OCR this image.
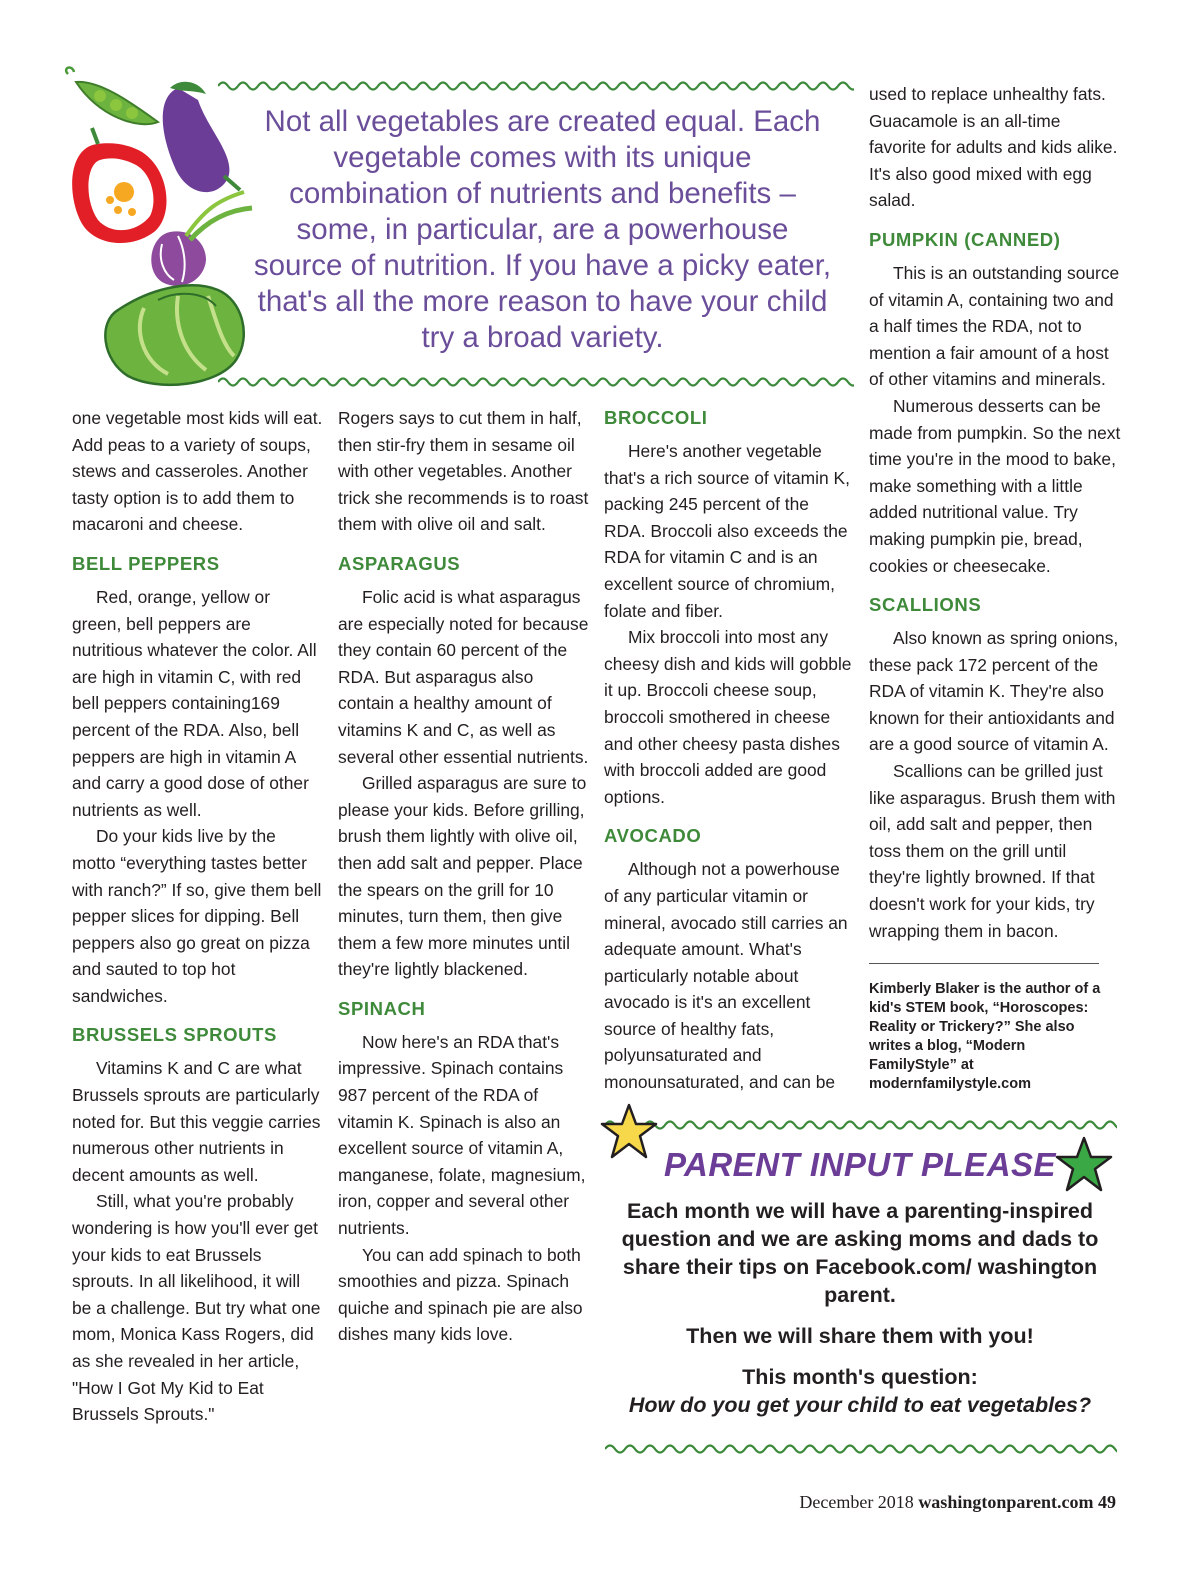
Not all vegetables are created equal. Each vegetable comes with its unique combination of nutrients and benefits – some, in particular, are a powerhouse source of nutrition. If you have a picky eater, that's all the more reason to have your child try a broad variety.

one vegetable most kids will eat. Add peas to a variety of soups, stews and casseroles. Another tasty option is to add them to macaroni and cheese.

BELL PEPPERS

Red, orange, yellow or green, bell peppers are nutritious whatever the color. All are high in vitamin C, with red bell peppers containing169 percent of the RDA. Also, bell peppers are high in vitamin A and carry a good dose of other nutrients as well.

Do your kids live by the motto “everything tastes better with ranch?” If so, give them bell pepper slices for dipping. Bell peppers also go great on pizza and sauted to top hot sandwiches.

BRUSSELS SPROUTS

Vitamins K and C are what Brussels sprouts are particularly noted for. But this veggie carries numerous other nutrients in decent amounts as well.

Still, what you're probably wondering is how you'll ever get your kids to eat Brussels sprouts. In all likelihood, it will be a challenge. But try what one mom, Monica Kass Rogers, did as she revealed in her article, "How I Got My Kid to Eat Brussels Sprouts."

Rogers says to cut them in half, then stir-fry them in sesame oil with other vegetables. Another trick she recommends is to roast them with olive oil and salt.

ASPARAGUS

Folic acid is what asparagus are especially noted for because they contain 60 percent of the RDA. But asparagus also contain a healthy amount of vitamins K and C, as well as several other essential nutrients.

Grilled asparagus are sure to please your kids. Before grilling, brush them lightly with olive oil, then add salt and pepper. Place the spears on the grill for 10 minutes, turn them, then give them a few more minutes until they're lightly blackened.

SPINACH

Now here's an RDA that's impressive. Spinach contains 987 percent of the RDA of vitamin K. Spinach is also an excellent source of vitamin A, manganese, folate, magnesium, iron, copper and several other nutrients.

You can add spinach to both smoothies and pizza. Spinach quiche and spinach pie are also dishes many kids love.

BROCCOLI

Here's another vegetable that's a rich source of vitamin K, packing 245 percent of the RDA. Broccoli also exceeds the RDA for vitamin C and is an excellent source of chromium, folate and fiber.

Mix broccoli into most any cheesy dish and kids will gobble it up. Broccoli cheese soup, broccoli smothered in cheese and other cheesy pasta dishes with broccoli added are good options.

AVOCADO

Although not a powerhouse of any particular vitamin or mineral, avocado still carries an adequate amount. What's particularly notable about avocado is it's an excellent source of healthy fats, polyunsaturated and monounsaturated, and can be

used to replace unhealthy fats. Guacamole is an all-time favorite for adults and kids alike. It's also good mixed with egg salad.

PUMPKIN (CANNED)

This is an outstanding source of vitamin A, containing two and a half times the RDA, not to mention a fair amount of a host of other vitamins and minerals.

Numerous desserts can be made from pumpkin. So the next time you're in the mood to bake, make something with a little added nutritional value. Try making pumpkin pie, bread, cookies or cheesecake.

SCALLIONS

Also known as spring onions, these pack 172 percent of the RDA of vitamin K. They're also known for their antioxidants and are a good source of vitamin A.

Scallions can be grilled just like asparagus. Brush them with oil, add salt and pepper, then toss them on the grill until they're lightly browned. If that doesn't work for your kids, try wrapping them in bacon.

Kimberly Blaker is the author of a kid's STEM book, “Horoscopes: Reality or Trickery?” She also writes a blog, “Modern FamilyStyle” at modernfamilystyle.com
PARENT INPUT PLEASE

Each month we will have a parenting-inspired question and we are asking moms and dads to share their tips on Facebook.com/ washington parent.

Then we will share them with you!

This month's question:

How do you get your child to eat vegetables?

December 2018 washingtonparent.com 49
